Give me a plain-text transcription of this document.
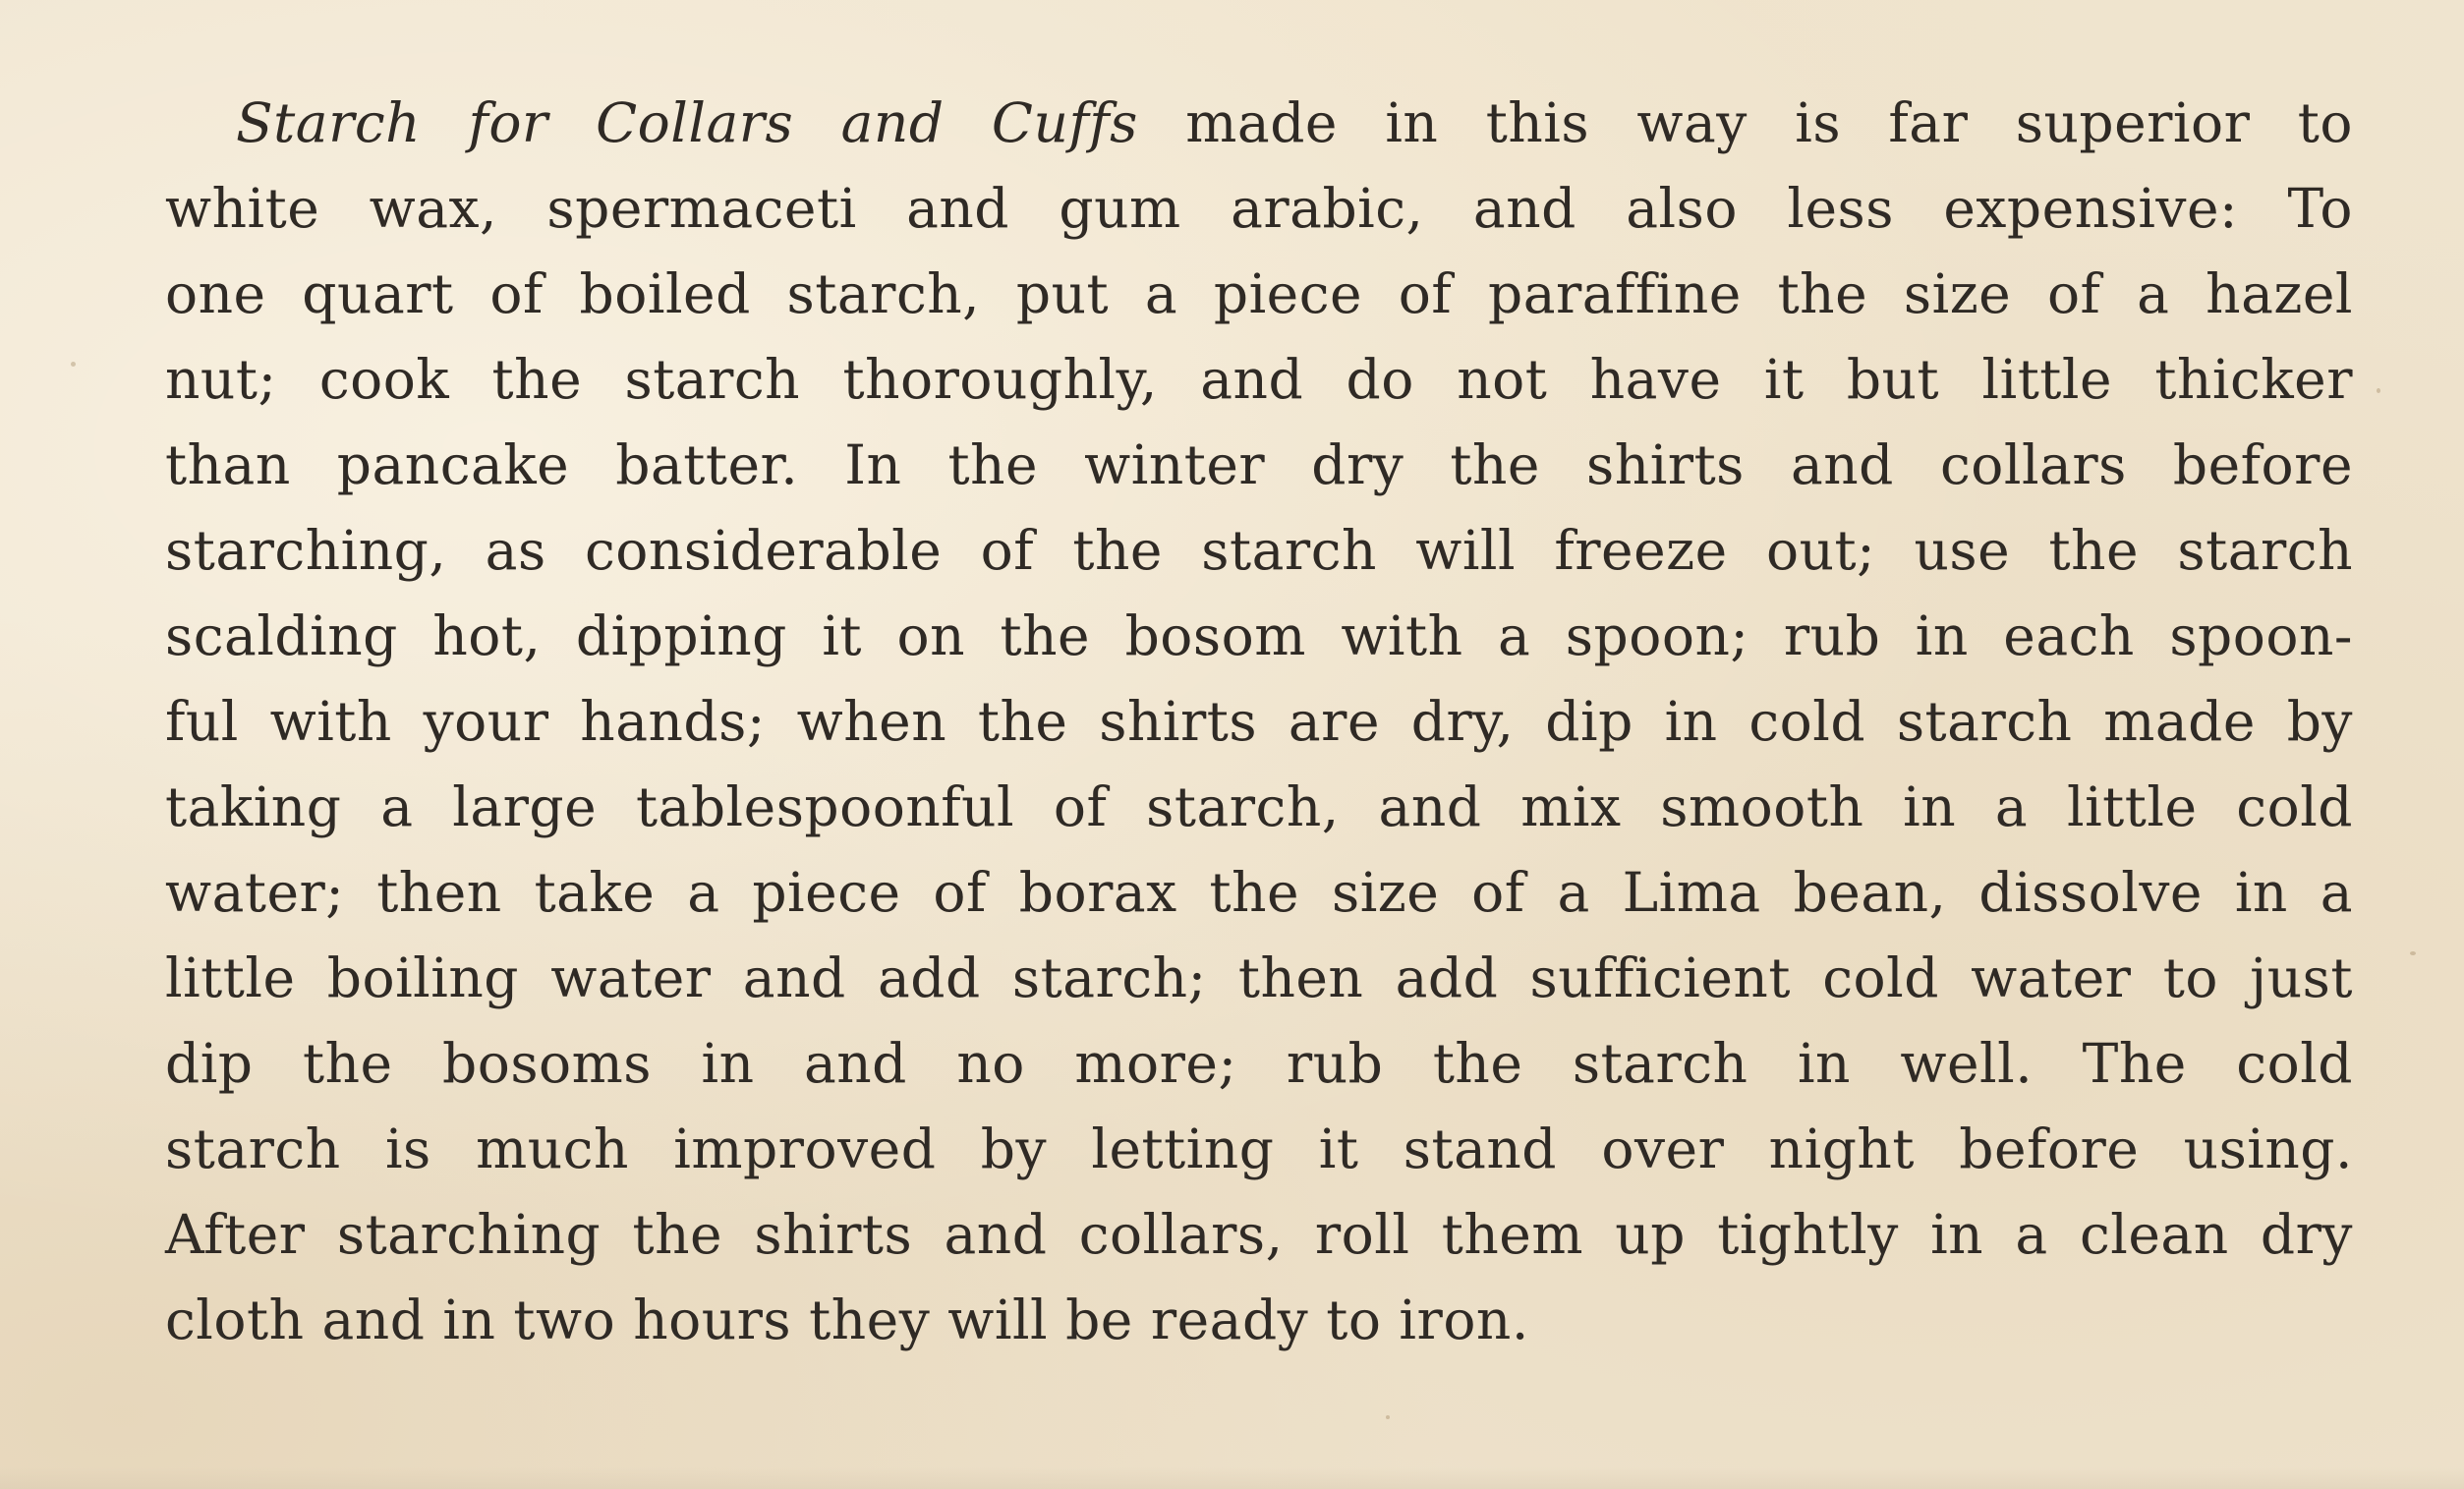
Starch for Collars and Cuffs made in this way is far superior to
white wax, spermaceti and gum arabic, and also less expensive: To
one quart of boiled starch, put a piece of paraffine the size of a hazel
nut; cook the starch thoroughly, and do not have it but little thicker
than pancake batter. In the winter dry the shirts and collars before
starching, as considerable of the starch will freeze out; use the starch
scalding hot, dipping it on the bosom with a spoon; rub in each spoon-
ful with your hands; when the shirts are dry, dip in cold starch made by
taking a large tablespoonful of starch, and mix smooth in a little cold
water; then take a piece of borax the size of a Lima bean, dissolve in a
little boiling water and add starch; then add sufficient cold water to just
dip the bosoms in and no more; rub the starch in well. The cold
starch is much improved by letting it stand over night before using.
After starching the shirts and collars, roll them up tightly in a clean dry
cloth and in two hours they will be ready to iron.
